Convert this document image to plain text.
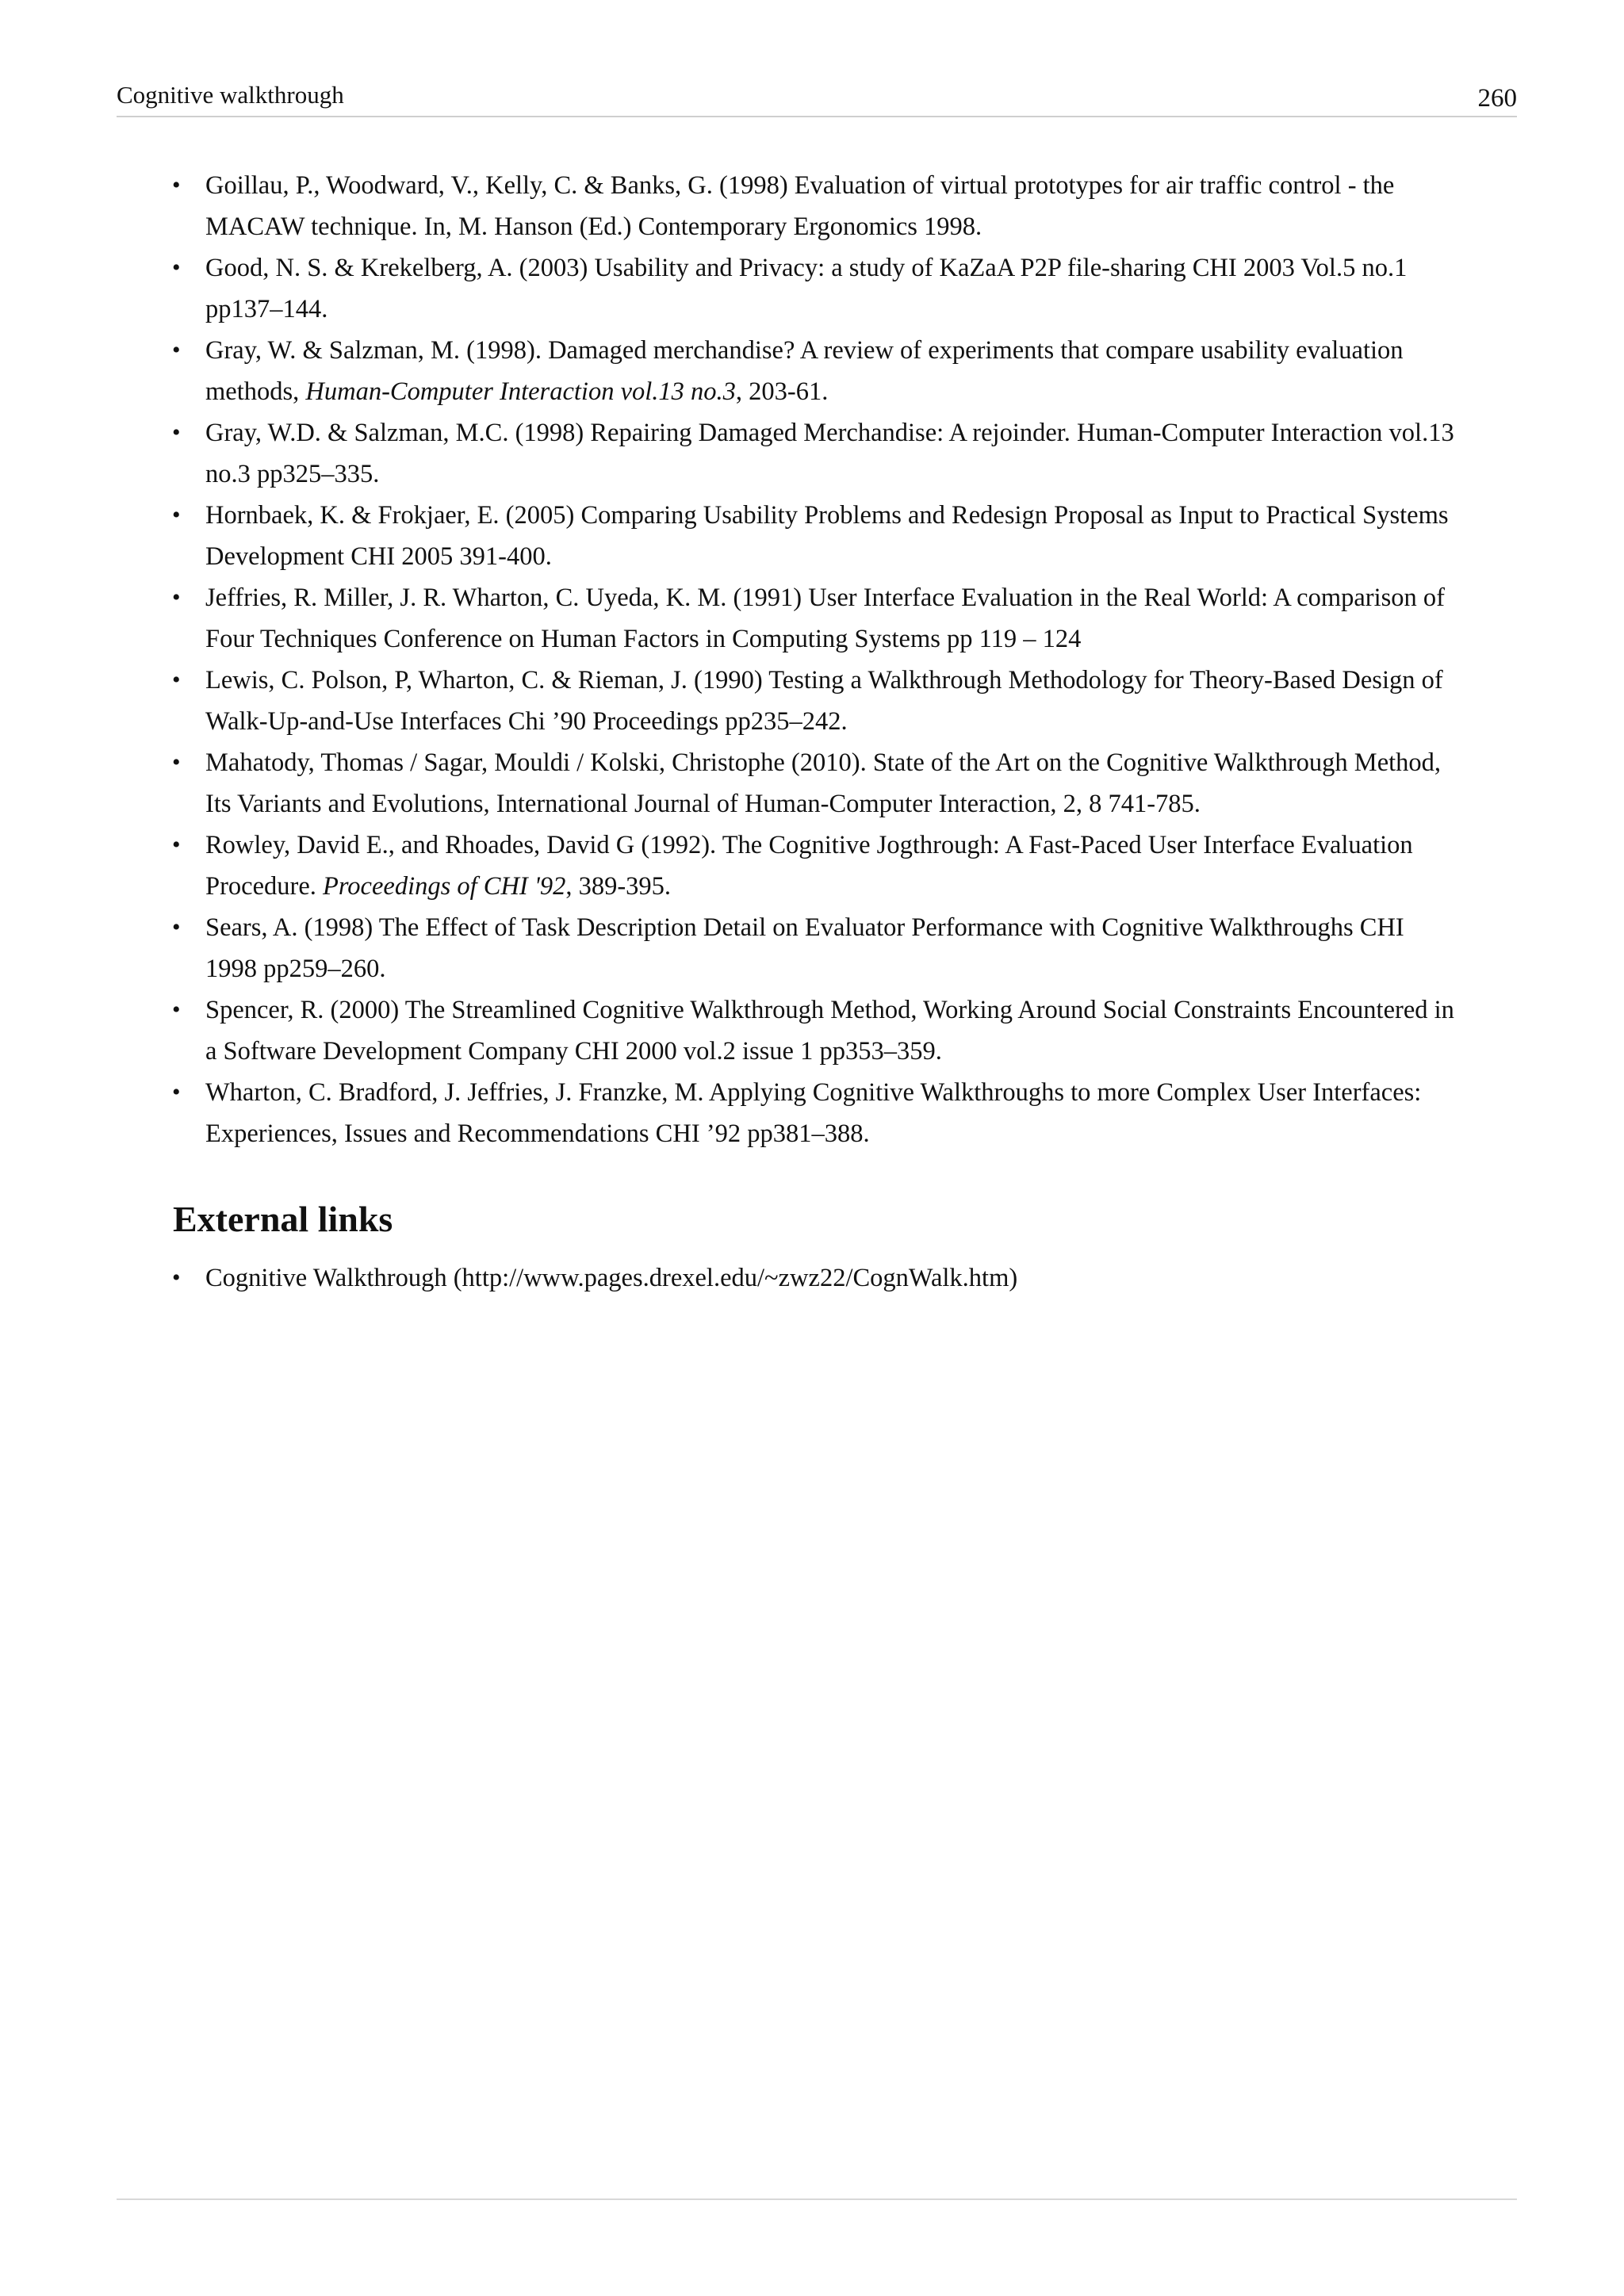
Cognitive walkthrough	260
• Goillau, P., Woodward, V., Kelly, C. & Banks, G. (1998) Evaluation of virtual prototypes for air traffic control - the MACAW technique. In, M. Hanson (Ed.) Contemporary Ergonomics 1998.
• Good, N. S. & Krekelberg, A. (2003) Usability and Privacy: a study of KaZaA P2P file-sharing CHI 2003 Vol.5 no.1 pp137–144.
• Gray, W. & Salzman, M. (1998). Damaged merchandise? A review of experiments that compare usability evaluation methods, Human-Computer Interaction vol.13 no.3, 203-61.
• Gray, W.D. & Salzman, M.C. (1998) Repairing Damaged Merchandise: A rejoinder. Human-Computer Interaction vol.13 no.3 pp325–335.
• Hornbaek, K. & Frokjaer, E. (2005) Comparing Usability Problems and Redesign Proposal as Input to Practical Systems Development CHI 2005 391-400.
• Jeffries, R. Miller, J. R. Wharton, C. Uyeda, K. M. (1991) User Interface Evaluation in the Real World: A comparison of Four Techniques Conference on Human Factors in Computing Systems pp 119 – 124
• Lewis, C. Polson, P, Wharton, C. & Rieman, J. (1990) Testing a Walkthrough Methodology for Theory-Based Design of Walk-Up-and-Use Interfaces Chi ’90 Proceedings pp235–242.
• Mahatody, Thomas / Sagar, Mouldi / Kolski, Christophe (2010). State of the Art on the Cognitive Walkthrough Method, Its Variants and Evolutions, International Journal of Human-Computer Interaction, 2, 8 741-785.
• Rowley, David E., and Rhoades, David G (1992). The Cognitive Jogthrough: A Fast-Paced User Interface Evaluation Procedure. Proceedings of CHI '92, 389-395.
• Sears, A. (1998) The Effect of Task Description Detail on Evaluator Performance with Cognitive Walkthroughs CHI 1998 pp259–260.
• Spencer, R. (2000) The Streamlined Cognitive Walkthrough Method, Working Around Social Constraints Encountered in a Software Development Company CHI 2000 vol.2 issue 1 pp353–359.
• Wharton, C. Bradford, J. Jeffries, J. Franzke, M. Applying Cognitive Walkthroughs to more Complex User Interfaces: Experiences, Issues and Recommendations CHI ’92 pp381–388.
External links
• Cognitive Walkthrough (http://www.pages.drexel.edu/~zwz22/CognWalk.htm)
